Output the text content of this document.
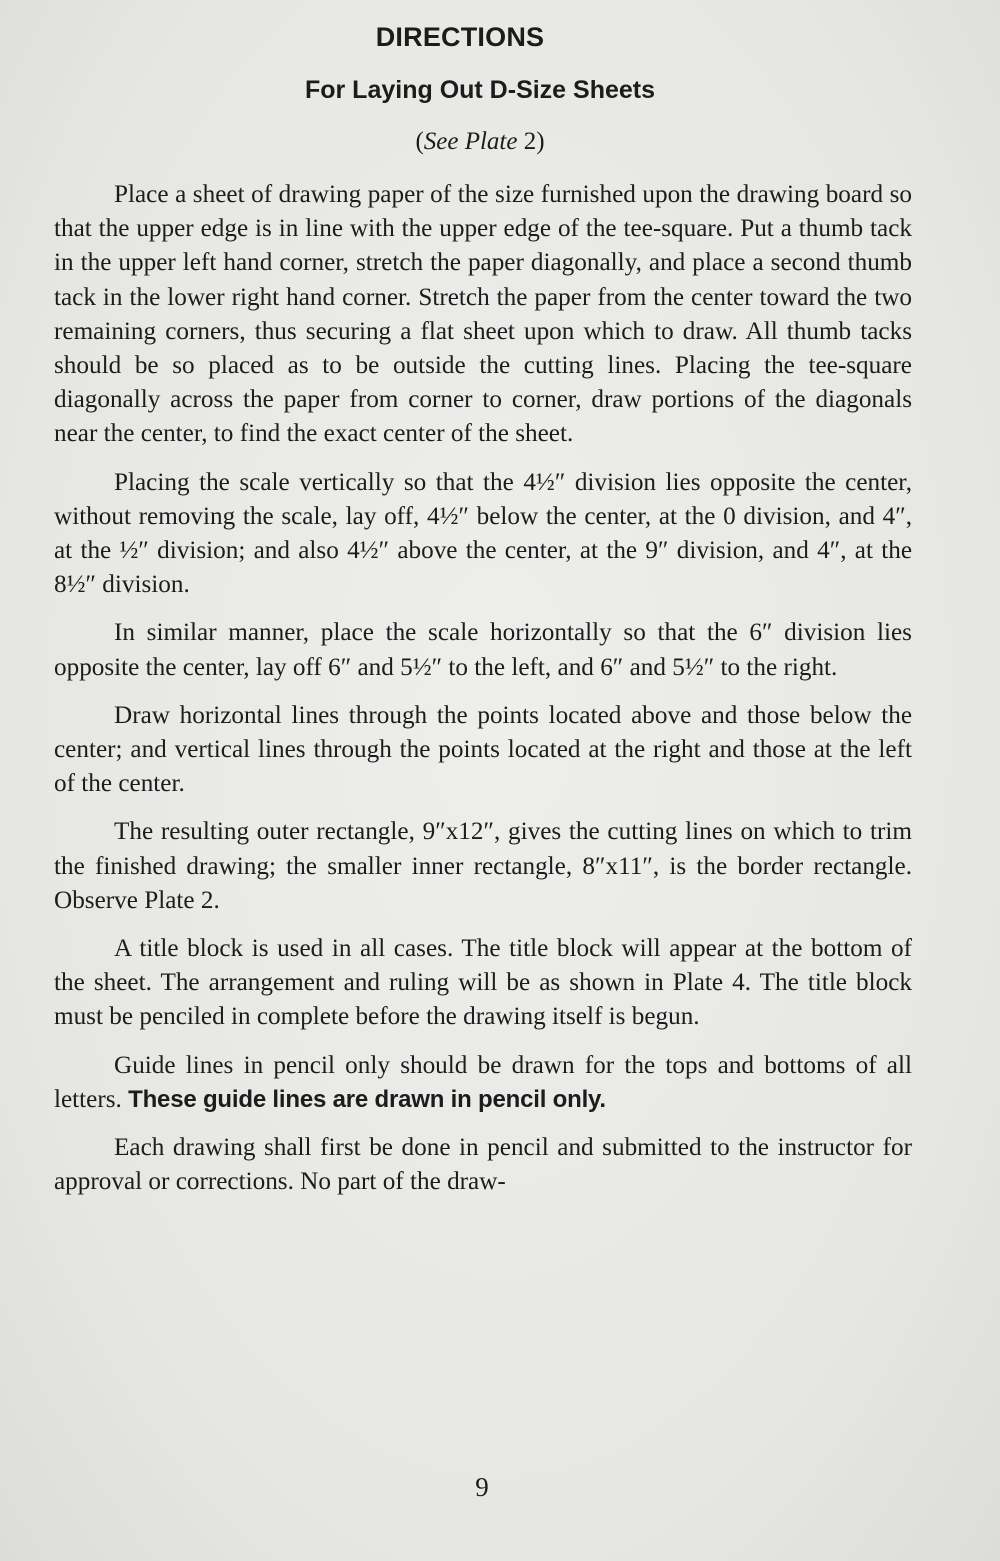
DIRECTIONS
For Laying Out D-Size Sheets
(See Plate 2)

Place a sheet of drawing paper of the size furnished upon the drawing board so that the upper edge is in line with the upper edge of the tee-square. Put a thumb tack in the upper left hand corner, stretch the paper diagonally, and place a second thumb tack in the lower right hand corner. Stretch the paper from the center toward the two remaining corners, thus securing a flat sheet upon which to draw. All thumb tacks should be so placed as to be outside the cutting lines. Placing the tee-square diagonally across the paper from corner to corner, draw portions of the diagonals near the center, to find the exact center of the sheet.

Placing the scale vertically so that the 4½″ division lies opposite the center, without removing the scale, lay off, 4½″ below the center, at the 0 division, and 4″, at the ½″ division; and also 4½″ above the center, at the 9″ division, and 4″, at the 8½″ division.

In similar manner, place the scale horizontally so that the 6″ division lies opposite the center, lay off 6″ and 5½″ to the left, and 6″ and 5½″ to the right.

Draw horizontal lines through the points located above and those below the center; and vertical lines through the points located at the right and those at the left of the center.

The resulting outer rectangle, 9″x12″, gives the cutting lines on which to trim the finished drawing; the smaller inner rectangle, 8″x11″, is the border rectangle. Observe Plate 2.

A title block is used in all cases. The title block will appear at the bottom of the sheet. The arrangement and ruling will be as shown in Plate 4. The title block must be penciled in complete before the drawing itself is begun.

Guide lines in pencil only should be drawn for the tops and bottoms of all letters. These guide lines are drawn in pencil only.

Each drawing shall first be done in pencil and submitted to the instructor for approval or corrections. No part of the draw-

9
